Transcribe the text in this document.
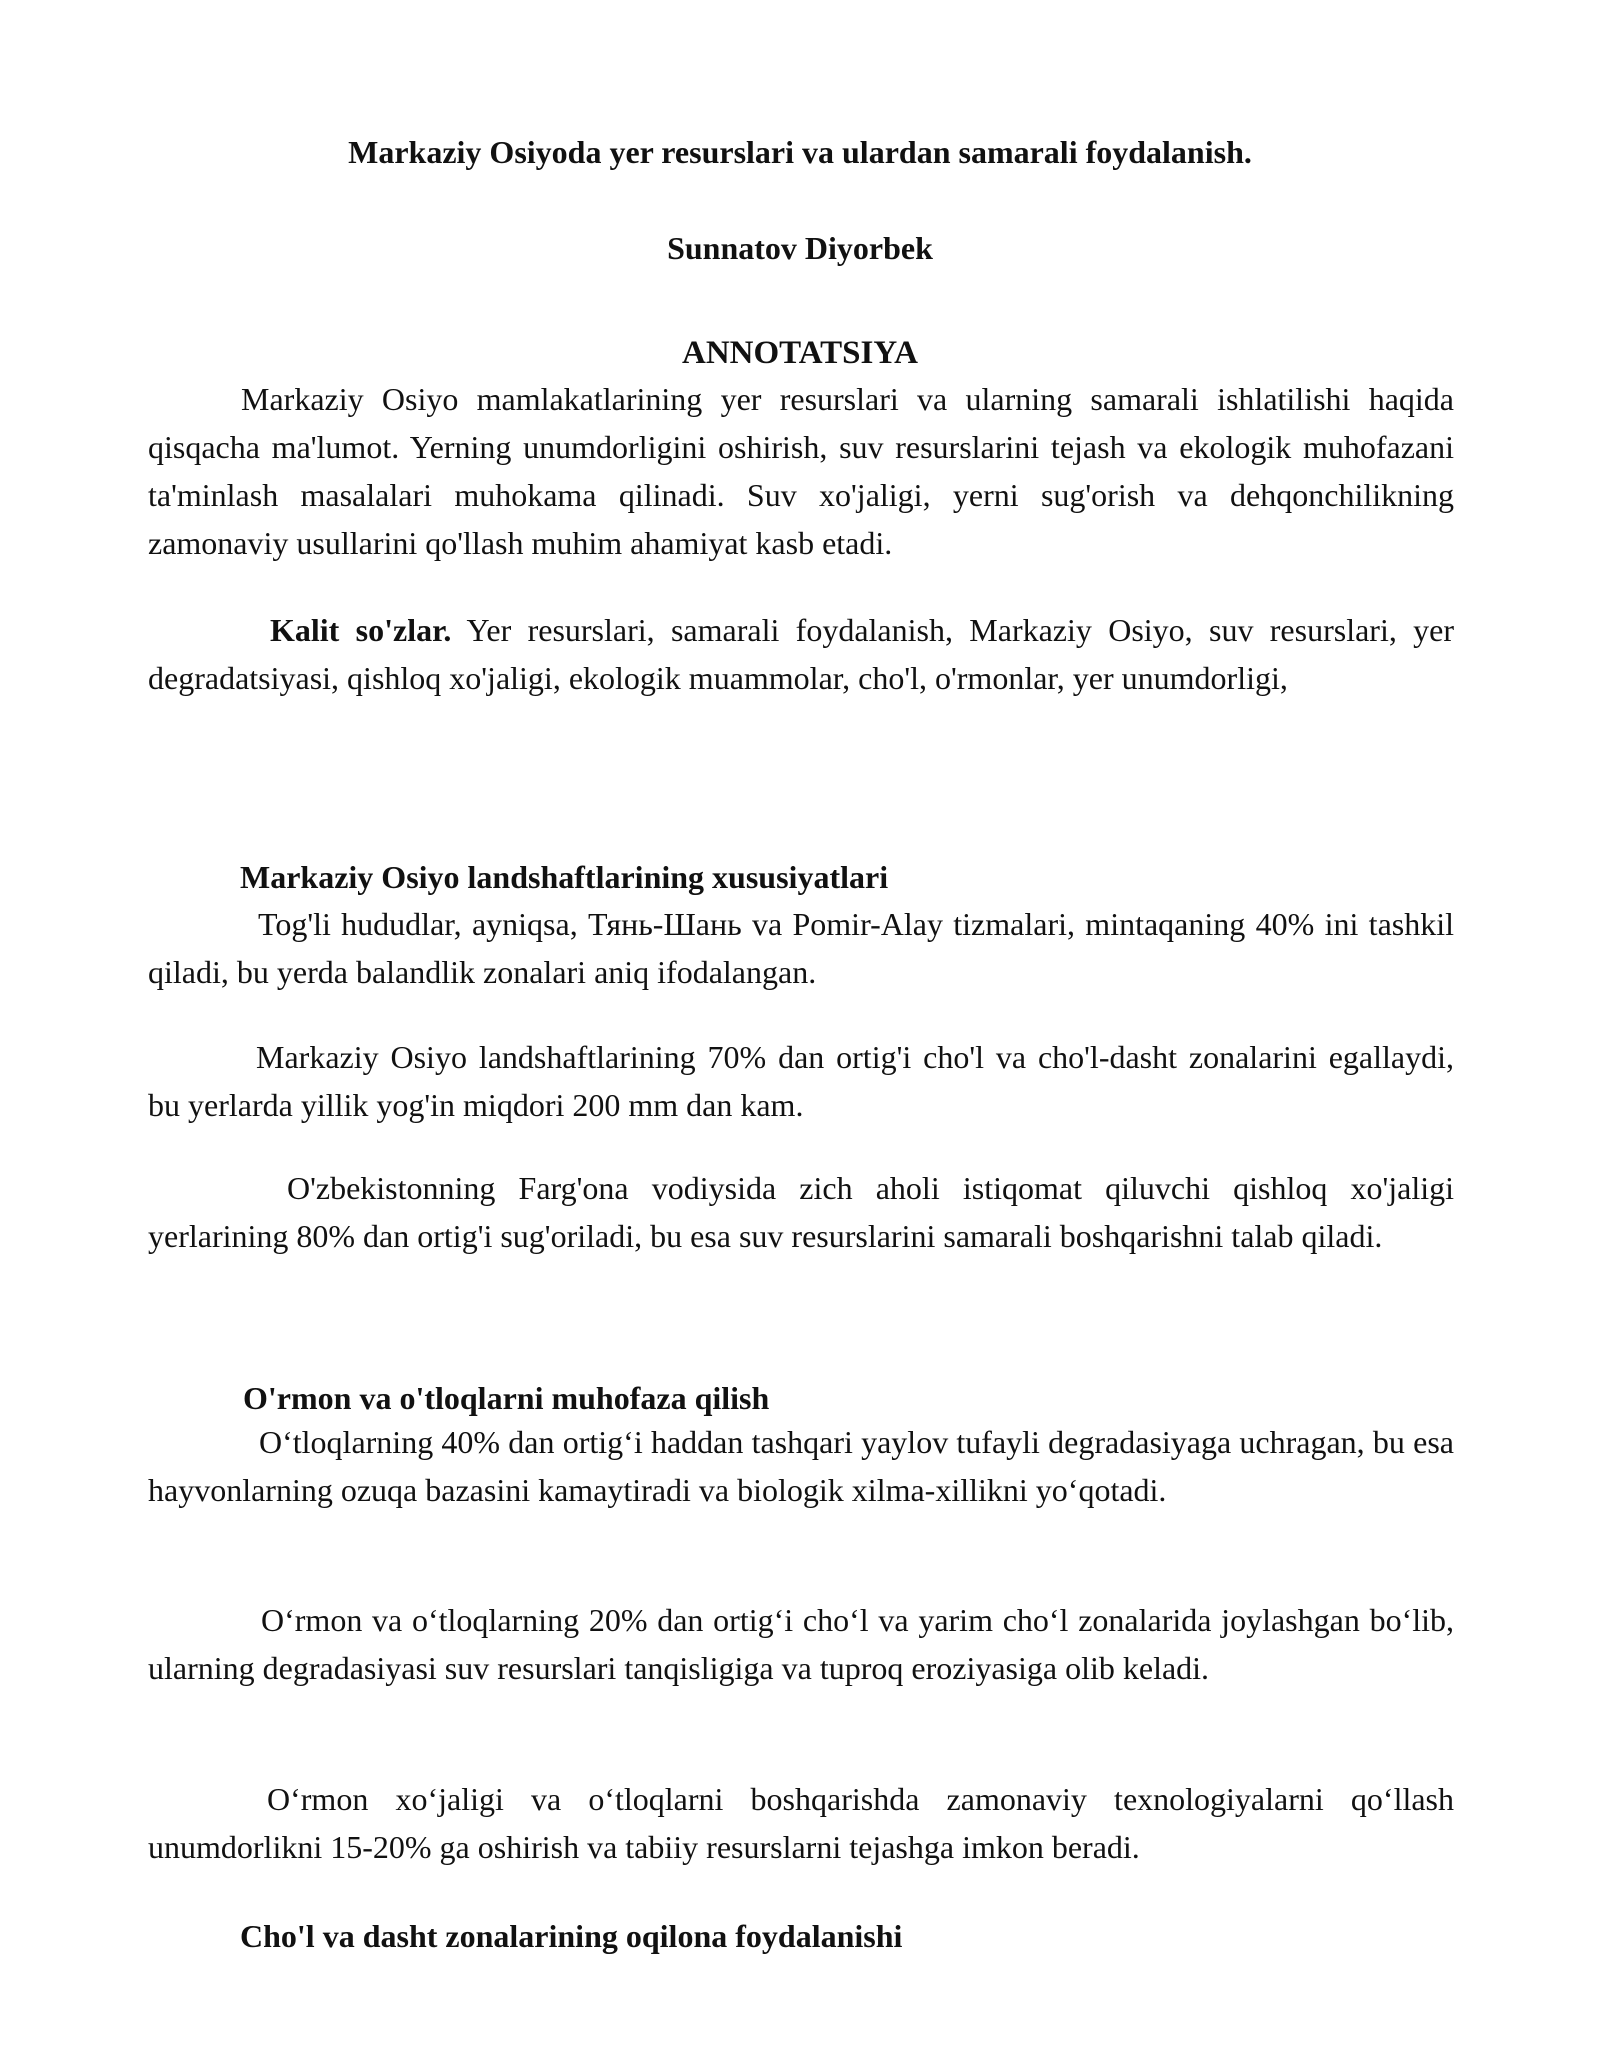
Markaziy Osiyoda yer resurslari va ulardan samarali foydalanish.

Sunnatov Diyorbek

ANNOTATSIYA

Markaziy Osiyo mamlakatlarining yer resurslari va ularning samarali ishlatilishi haqida qisqacha ma'lumot. Yerning unumdorligini oshirish, suv resurslarini tejash va ekologik muhofazani ta'minlash masalalari muhokama qilinadi. Suv xo'jaligi, yerni sug'orish va dehqonchilikning zamonaviy usullarini qo'llash muhim ahamiyat kasb etadi.

Kalit so'zlar. Yer resurslari, samarali foydalanish, Markaziy Osiyo, suv resurslari, yer degradatsiyasi, qishloq xo'jaligi, ekologik muammolar, cho'l, o'rmonlar, yer unumdorligi,

Markaziy Osiyo landshaftlarining xususiyatlari

Tog'li hududlar, ayniqsa, Тянь-Шань va Pomir-Alay tizmalari, mintaqaning 40% ini tashkil qiladi, bu yerda balandlik zonalari aniq ifodalangan.

Markaziy Osiyo landshaftlarining 70% dan ortig'i cho'l va cho'l-dasht zonalarini egallaydi, bu yerlarda yillik yog'in miqdori 200 mm dan kam.

O'zbekistonning Farg'ona vodiysida zich aholi istiqomat qiluvchi qishloq xo'jaligi yerlarining 80% dan ortig'i sug'oriladi, bu esa suv resurslarini samarali boshqarishni talab qiladi.

O'rmon va o'tloqlarni muhofaza qilish

O‘tloqlarning 40% dan ortig‘i haddan tashqari yaylov tufayli degradasiyaga uchragan, bu esa hayvonlarning ozuqa bazasini kamaytiradi va biologik xilma-xillikni yo‘qotadi.

O‘rmon va o‘tloqlarning 20% dan ortig‘i cho‘l va yarim cho‘l zonalarida joylashgan bo‘lib, ularning degradasiyasi suv resurslari tanqisligiga va tuproq eroziyasiga olib keladi.

O‘rmon xo‘jaligi va o‘tloqlarni boshqarishda zamonaviy texnologiyalarni qo‘llash unumdorlikni 15-20% ga oshirish va tabiiy resurslarni tejashga imkon beradi.

Cho'l va dasht zonalarining oqilona foydalanishi
